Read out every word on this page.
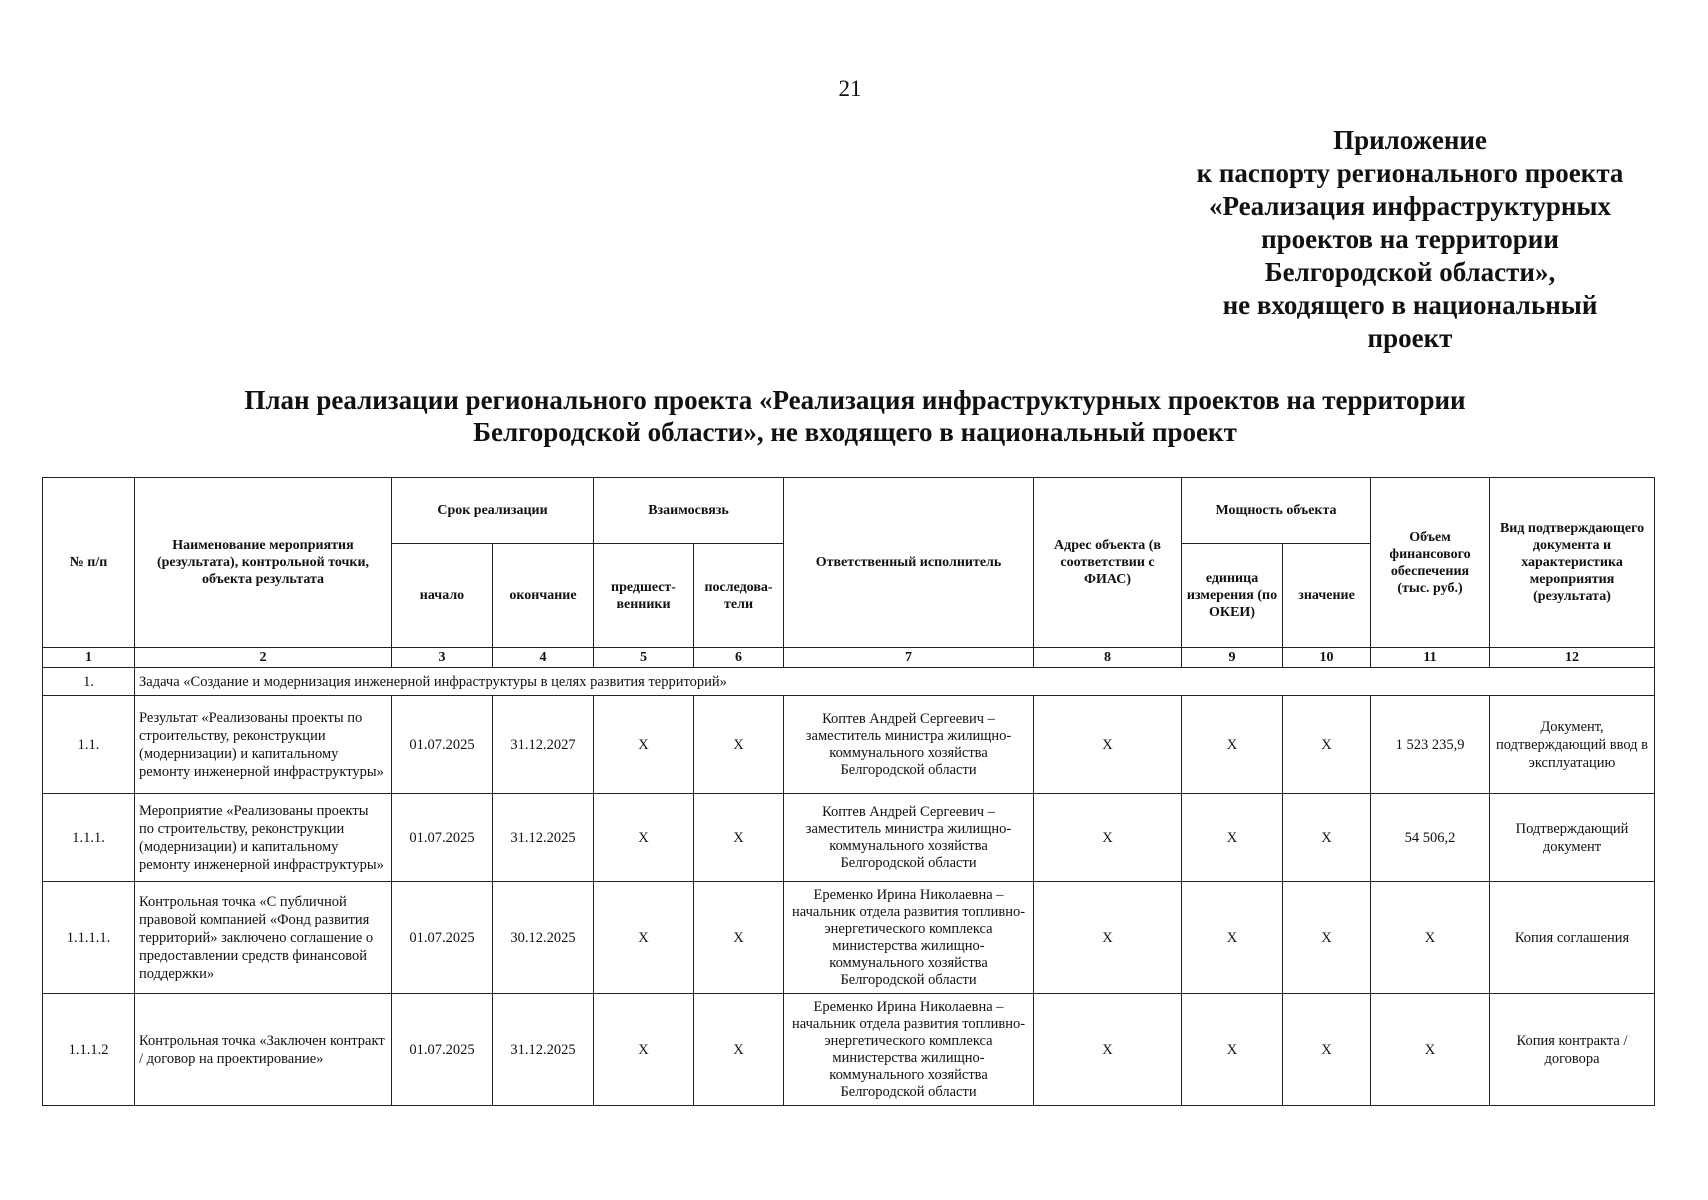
21
Приложение
к паспорту регионального проекта
«Реализация инфраструктурных
проектов на территории
Белгородской области»,
не входящего в национальный
проект
План реализации регионального проекта «Реализация инфраструктурных проектов на территории
Белгородской области», не входящего в национальный проект
№ п/п	Наименование мероприятия (результата), контрольной точки, объекта результата	Срок реализации		Взаимосвязь		Ответственный исполнитель	Адрес объекта (в соответствии с ФИАС)	Мощность объекта		Объем финансового обеспечения (тыс. руб.)	Вид подтверждающего документа и характеристика мероприятия (результата)
		начало	окончание	предшест-венники	последова-тели			единица измерения (по ОКЕИ)	значение		
1	2	3	4	5	6	7	8	9	10	11	12
1.	Задача «Создание и модернизация инженерной инфраструктуры в целях развития территорий»										
1.1.	Результат «Реализованы проекты по строительству, реконструкции (модернизации) и капитальному ремонту инженерной инфраструктуры»	01.07.2025	31.12.2027	X	X	Коптев Андрей Сергеевич – заместитель министра жилищно-коммунального хозяйства Белгородской области	X	X	X	1 523 235,9	Документ, подтверждающий ввод в эксплуатацию
1.1.1.	Мероприятие «Реализованы проекты по строительству, реконструкции (модернизации) и капитальному ремонту инженерной инфраструктуры»	01.07.2025	31.12.2025	X	X	Коптев Андрей Сергеевич – заместитель министра жилищно-коммунального хозяйства Белгородской области	X	X	X	54 506,2	Подтверждающий документ
1.1.1.1.	Контрольная точка «С публичной правовой компанией «Фонд развития территорий» заключено соглашение о предоставлении средств финансовой поддержки»	01.07.2025	30.12.2025	X	X	Еременко Ирина Николаевна – начальник отдела развития топливно-энергетического комплекса министерства жилищно-коммунального хозяйства Белгородской области	X	X	X	X	Копия соглашения
1.1.1.2	Контрольная точка «Заключен контракт / договор на проектирование»	01.07.2025	31.12.2025	X	X	Еременко Ирина Николаевна – начальник отдела развития топливно-энергетического комплекса министерства жилищно-коммунального хозяйства Белгородской области	X	X	X	X	Копия контракта / договора
